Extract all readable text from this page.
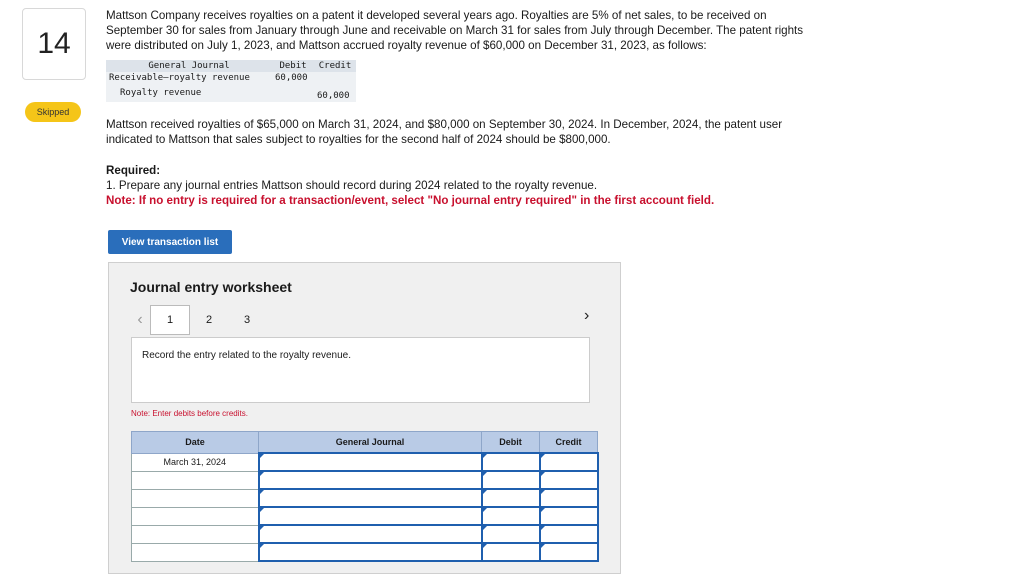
14
Skipped

Mattson Company receives royalties on a patent it developed several years ago. Royalties are 5% of net sales, to be received on September 30 for sales from January through June and receivable on March 31 for sales from July through December. The patent rights were distributed on July 1, 2023, and Mattson accrued royalty revenue of $60,000 on December 31, 2023, as follows:

General Journal	Debit	Credit
Receivable—royalty revenue	60,000	
Royalty revenue		60,000

Mattson received royalties of $65,000 on March 31, 2024, and $80,000 on September 30, 2024. In December, 2024, the patent user indicated to Mattson that sales subject to royalties for the second half of 2024 should be $800,000.

Required:
1. Prepare any journal entries Mattson should record during 2024 related to the royalty revenue.
Note: If no entry is required for a transaction/event, select "No journal entry required" in the first account field.
View transaction list
Journal entry worksheet
‹	1	2	3	›
Record the entry related to the royalty revenue.
Note: Enter debits before credits.
Date	General Journal	Debit	Credit
March 31, 2024			
